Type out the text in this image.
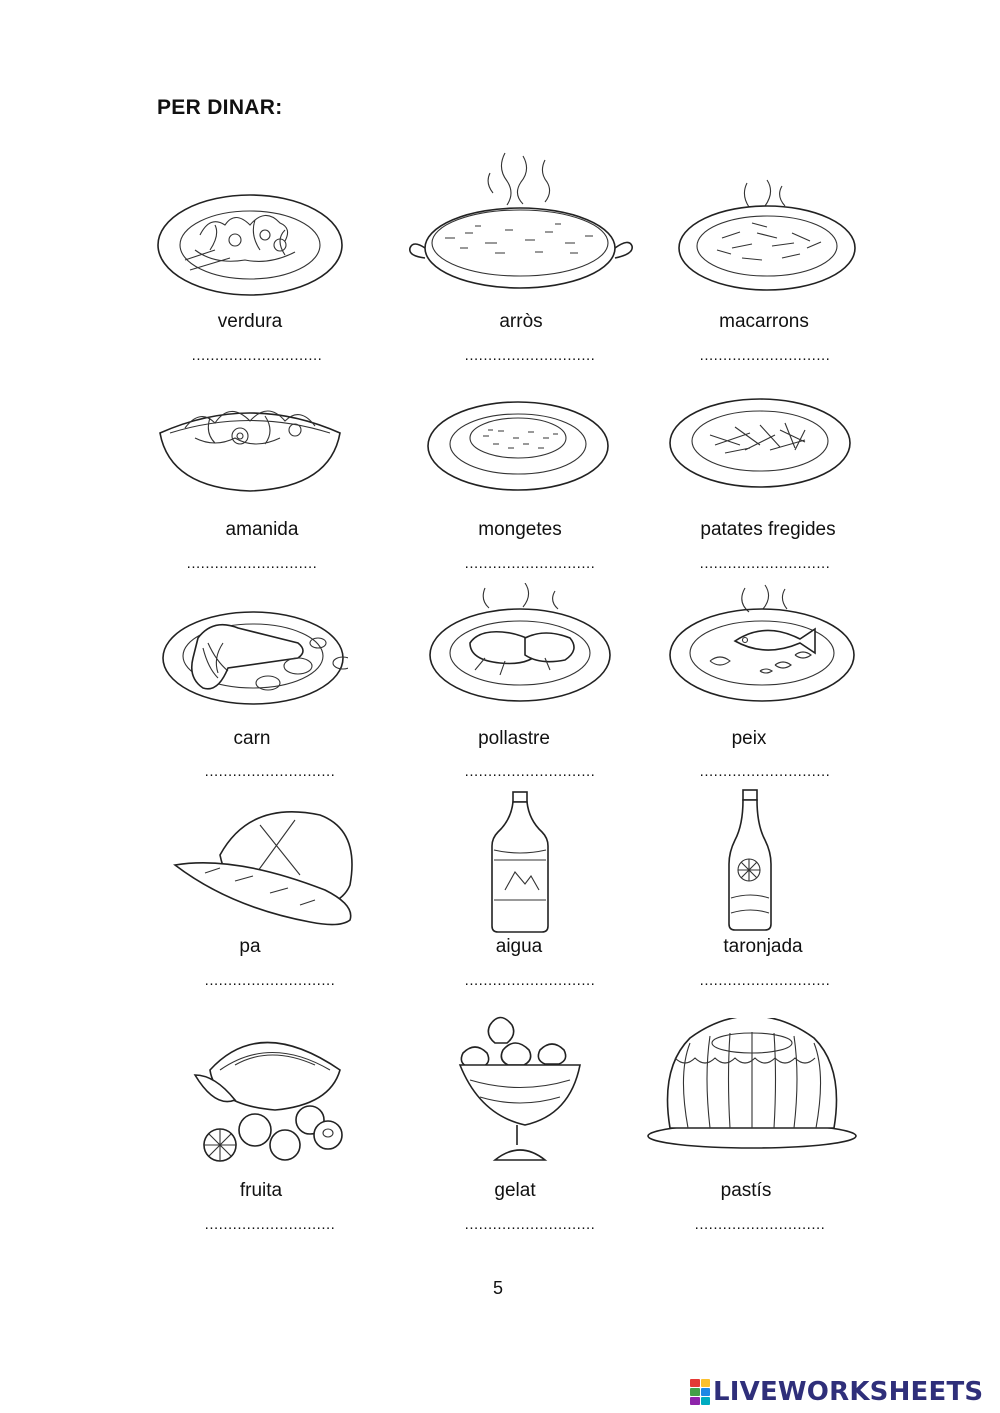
PER DINAR:
verdura	arròs	macarrons
............................	............................	............................
amanida	mongetes	patates fregides
............................	............................	............................
carn	pollastre	peix
............................	............................	............................
pa	aigua	taronjada
............................	............................	............................
fruita	gelat	pastís
............................	............................	............................
5
LIVEWORKSHEETS
